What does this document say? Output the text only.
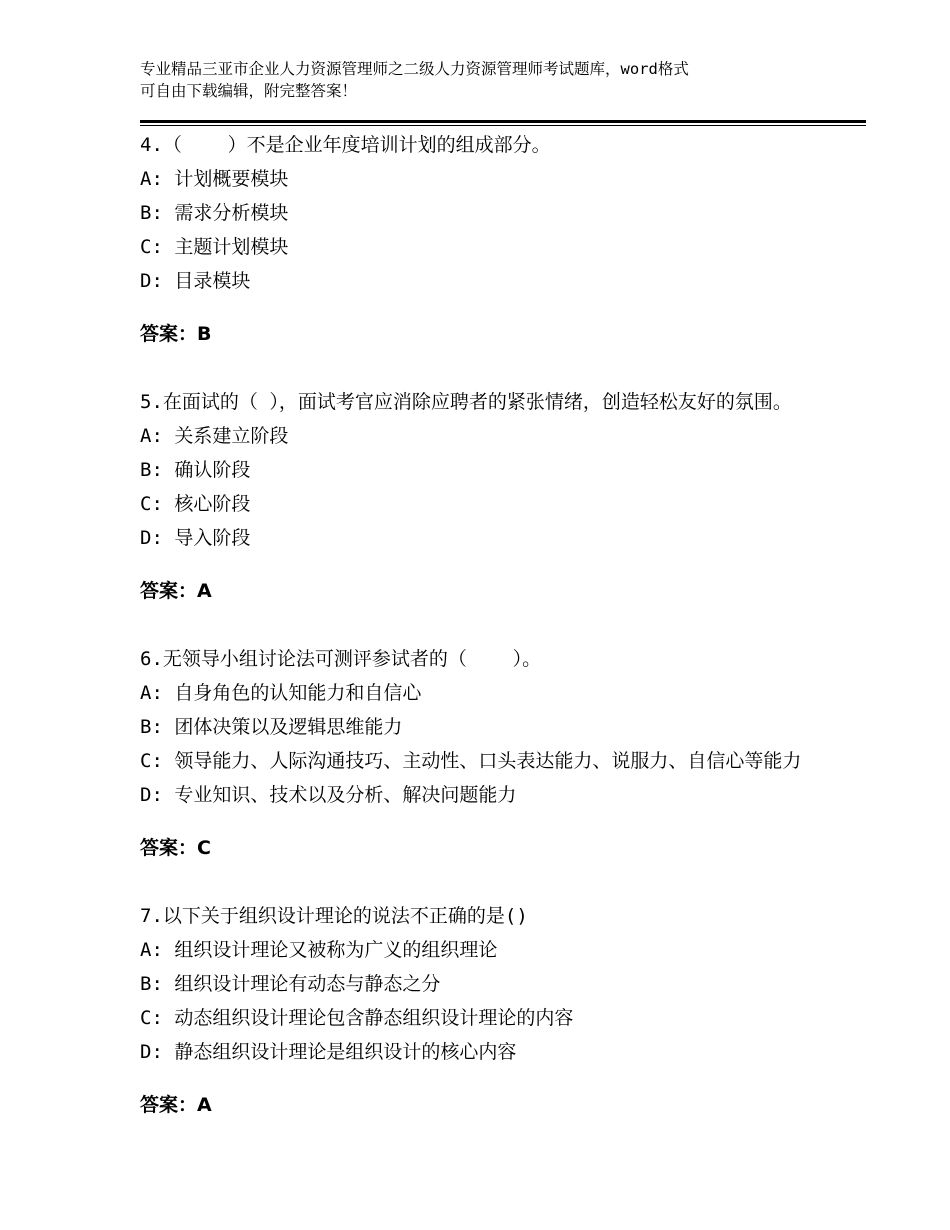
专业精品三亚市企业人力资源管理师之二级人力资源管理师考试题库，word格式
可自由下载编辑，附完整答案！

4.（    ）不是企业年度培训计划的组成部分。

A: 计划概要模块

B: 需求分析模块

C: 主题计划模块

D: 目录模块

答案：B

5.在面试的（ ），面试考官应消除应聘者的紧张情绪，创造轻松友好的氛围。

A: 关系建立阶段

B: 确认阶段

C: 核心阶段

D: 导入阶段

答案：A

6.无领导小组讨论法可测评参试者的（    ）。

A: 自身角色的认知能力和自信心

B: 团体决策以及逻辑思维能力

C: 领导能力、人际沟通技巧、主动性、口头表达能力、说服力、自信心等能力

D: 专业知识、技术以及分析、解决问题能力

答案：C

7.以下关于组织设计理论的说法不正确的是()

A: 组织设计理论又被称为广义的组织理论

B: 组织设计理论有动态与静态之分

C: 动态组织设计理论包含静态组织设计理论的内容

D: 静态组织设计理论是组织设计的核心内容

答案：A
